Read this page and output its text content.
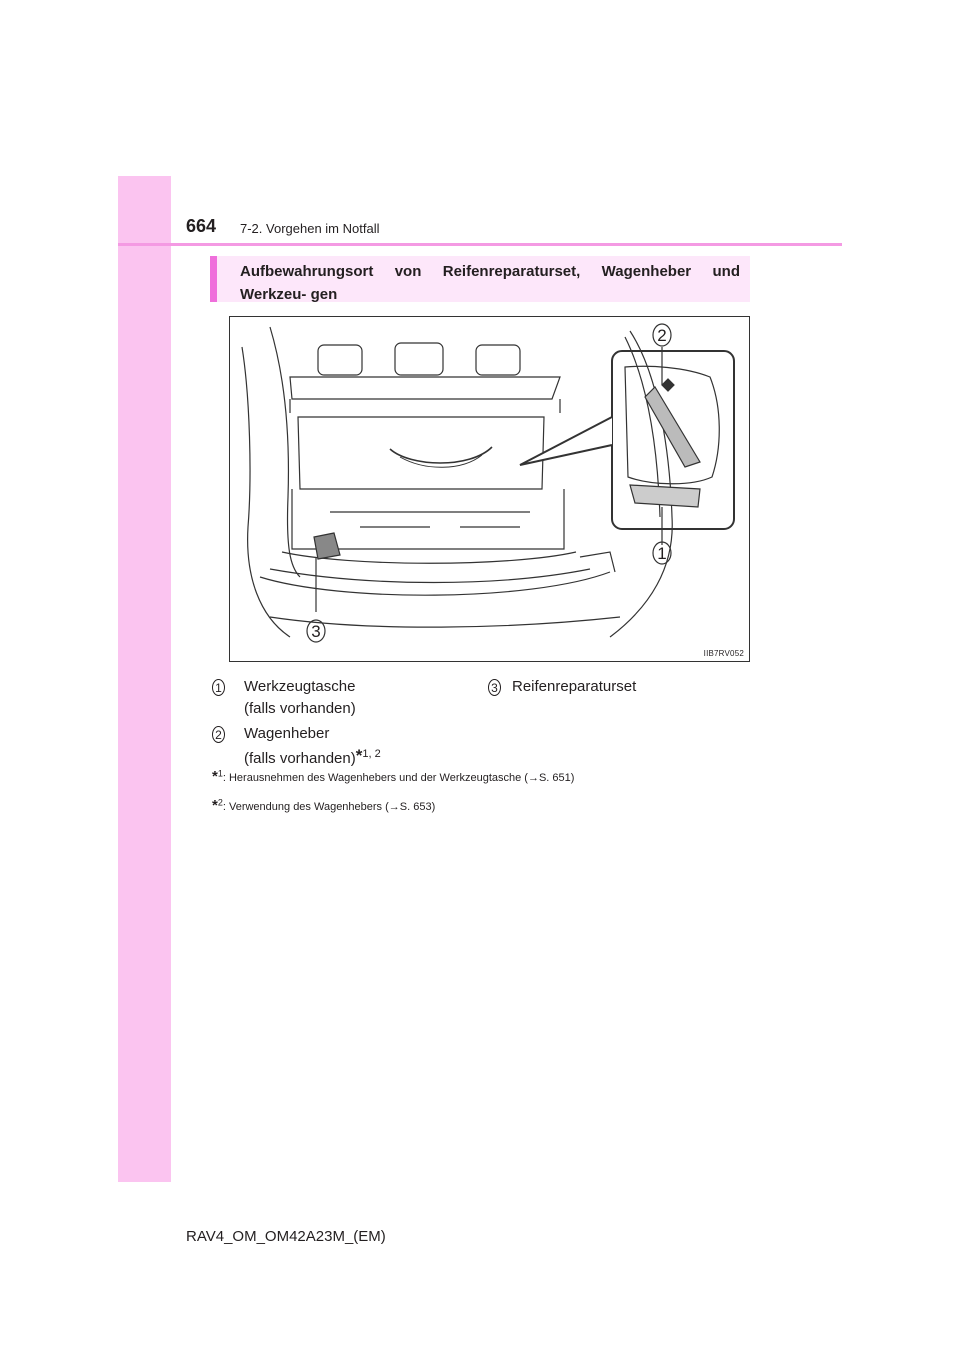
664 7-2. Vorgehen im Notfall
Aufbewahrungsort von Reifenreparaturset, Wagenheber und Werkzeu- gen
2
1
3
IIB7RV052
1 Werkzeugtasche
(falls vorhanden)
2 Wagenheber
(falls vorhanden)*$^{1, 2}$
3 Reifenreparaturset
*$^1$: Herausnehmen des Wagenhebers und der Werkzeugtasche (→S. 651)
*$^2$: Verwendung des Wagenhebers (→S. 653)
RAV4_OM_OM42A23M_(EM)
